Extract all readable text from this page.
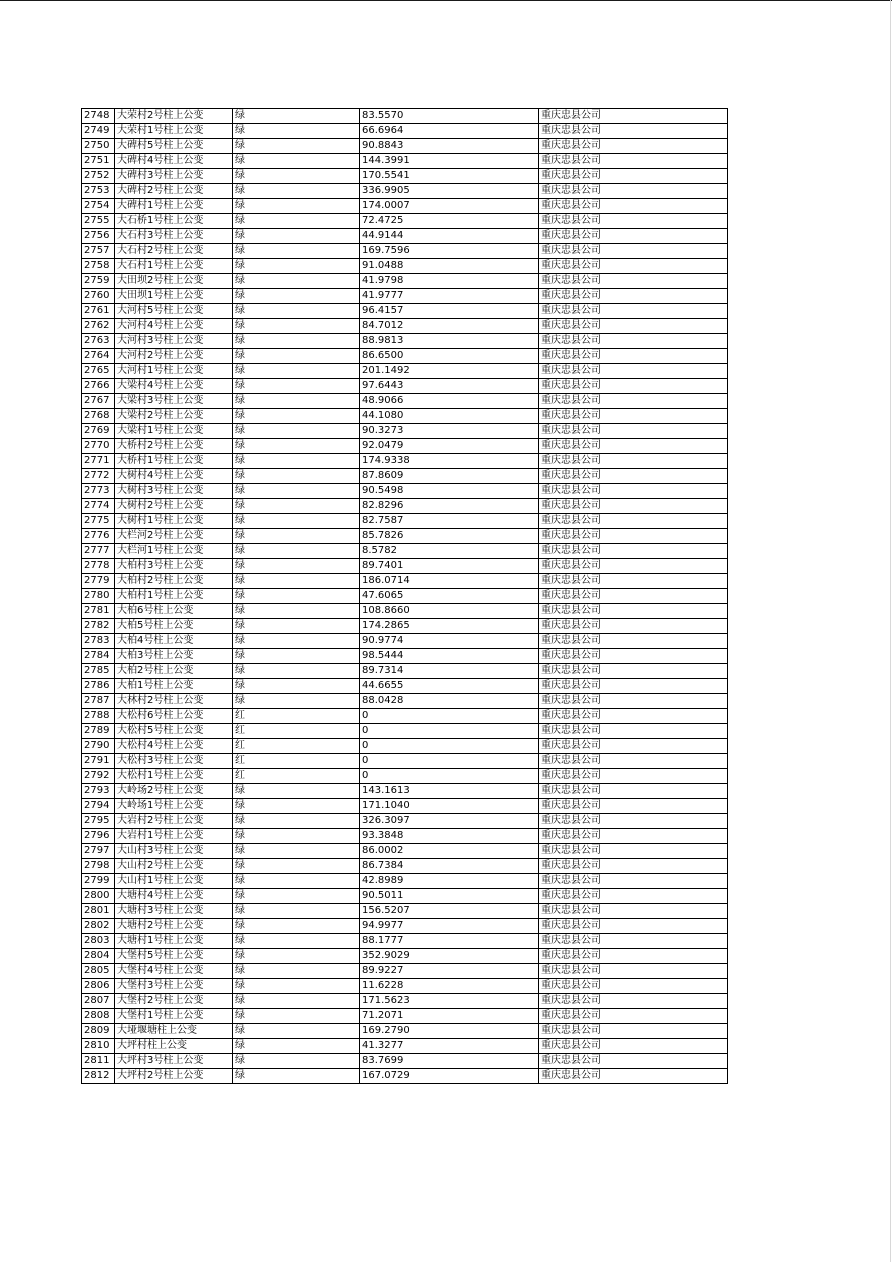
2748	大荣村2号柱上公变	绿	83.5570	重庆忠县公司
2749	大荣村1号柱上公变	绿	66.6964	重庆忠县公司
2750	大碑村5号柱上公变	绿	90.8843	重庆忠县公司
2751	大碑村4号柱上公变	绿	144.3991	重庆忠县公司
2752	大碑村3号柱上公变	绿	170.5541	重庆忠县公司
2753	大碑村2号柱上公变	绿	336.9905	重庆忠县公司
2754	大碑村1号柱上公变	绿	174.0007	重庆忠县公司
2755	大石桥1号柱上公变	绿	72.4725	重庆忠县公司
2756	大石村3号柱上公变	绿	44.9144	重庆忠县公司
2757	大石村2号柱上公变	绿	169.7596	重庆忠县公司
2758	大石村1号柱上公变	绿	91.0488	重庆忠县公司
2759	大田坝2号柱上公变	绿	41.9798	重庆忠县公司
2760	大田坝1号柱上公变	绿	41.9777	重庆忠县公司
2761	大河村5号柱上公变	绿	96.4157	重庆忠县公司
2762	大河村4号柱上公变	绿	84.7012	重庆忠县公司
2763	大河村3号柱上公变	绿	88.9813	重庆忠县公司
2764	大河村2号柱上公变	绿	86.6500	重庆忠县公司
2765	大河村1号柱上公变	绿	201.1492	重庆忠县公司
2766	大梁村4号柱上公变	绿	97.6443	重庆忠县公司
2767	大梁村3号柱上公变	绿	48.9066	重庆忠县公司
2768	大梁村2号柱上公变	绿	44.1080	重庆忠县公司
2769	大梁村1号柱上公变	绿	90.3273	重庆忠县公司
2770	大桥村2号柱上公变	绿	92.0479	重庆忠县公司
2771	大桥村1号柱上公变	绿	174.9338	重庆忠县公司
2772	大树村4号柱上公变	绿	87.8609	重庆忠县公司
2773	大树村3号柱上公变	绿	90.5498	重庆忠县公司
2774	大树村2号柱上公变	绿	82.8296	重庆忠县公司
2775	大树村1号柱上公变	绿	82.7587	重庆忠县公司
2776	大栏河2号柱上公变	绿	85.7826	重庆忠县公司
2777	大栏河1号柱上公变	绿	8.5782	重庆忠县公司
2778	大柏村3号柱上公变	绿	89.7401	重庆忠县公司
2779	大柏村2号柱上公变	绿	186.0714	重庆忠县公司
2780	大柏村1号柱上公变	绿	47.6065	重庆忠县公司
2781	大柏6号柱上公变	绿	108.8660	重庆忠县公司
2782	大柏5号柱上公变	绿	174.2865	重庆忠县公司
2783	大柏4号柱上公变	绿	90.9774	重庆忠县公司
2784	大柏3号柱上公变	绿	98.5444	重庆忠县公司
2785	大柏2号柱上公变	绿	89.7314	重庆忠县公司
2786	大柏1号柱上公变	绿	44.6655	重庆忠县公司
2787	大林村2号柱上公变	绿	88.0428	重庆忠县公司
2788	大松村6号柱上公变	红	0	重庆忠县公司
2789	大松村5号柱上公变	红	0	重庆忠县公司
2790	大松村4号柱上公变	红	0	重庆忠县公司
2791	大松村3号柱上公变	红	0	重庆忠县公司
2792	大松村1号柱上公变	红	0	重庆忠县公司
2793	大岭场2号柱上公变	绿	143.1613	重庆忠县公司
2794	大岭场1号柱上公变	绿	171.1040	重庆忠县公司
2795	大岩村2号柱上公变	绿	326.3097	重庆忠县公司
2796	大岩村1号柱上公变	绿	93.3848	重庆忠县公司
2797	大山村3号柱上公变	绿	86.0002	重庆忠县公司
2798	大山村2号柱上公变	绿	86.7384	重庆忠县公司
2799	大山村1号柱上公变	绿	42.8989	重庆忠县公司
2800	大塘村4号柱上公变	绿	90.5011	重庆忠县公司
2801	大塘村3号柱上公变	绿	156.5207	重庆忠县公司
2802	大塘村2号柱上公变	绿	94.9977	重庆忠县公司
2803	大塘村1号柱上公变	绿	88.1777	重庆忠县公司
2804	大堡村5号柱上公变	绿	352.9029	重庆忠县公司
2805	大堡村4号柱上公变	绿	89.9227	重庆忠县公司
2806	大堡村3号柱上公变	绿	11.6228	重庆忠县公司
2807	大堡村2号柱上公变	绿	171.5623	重庆忠县公司
2808	大堡村1号柱上公变	绿	71.2071	重庆忠县公司
2809	大垭堰塘柱上公变	绿	169.2790	重庆忠县公司
2810	大坪村柱上公变	绿	41.3277	重庆忠县公司
2811	大坪村3号柱上公变	绿	83.7699	重庆忠县公司
2812	大坪村2号柱上公变	绿	167.0729	重庆忠县公司
